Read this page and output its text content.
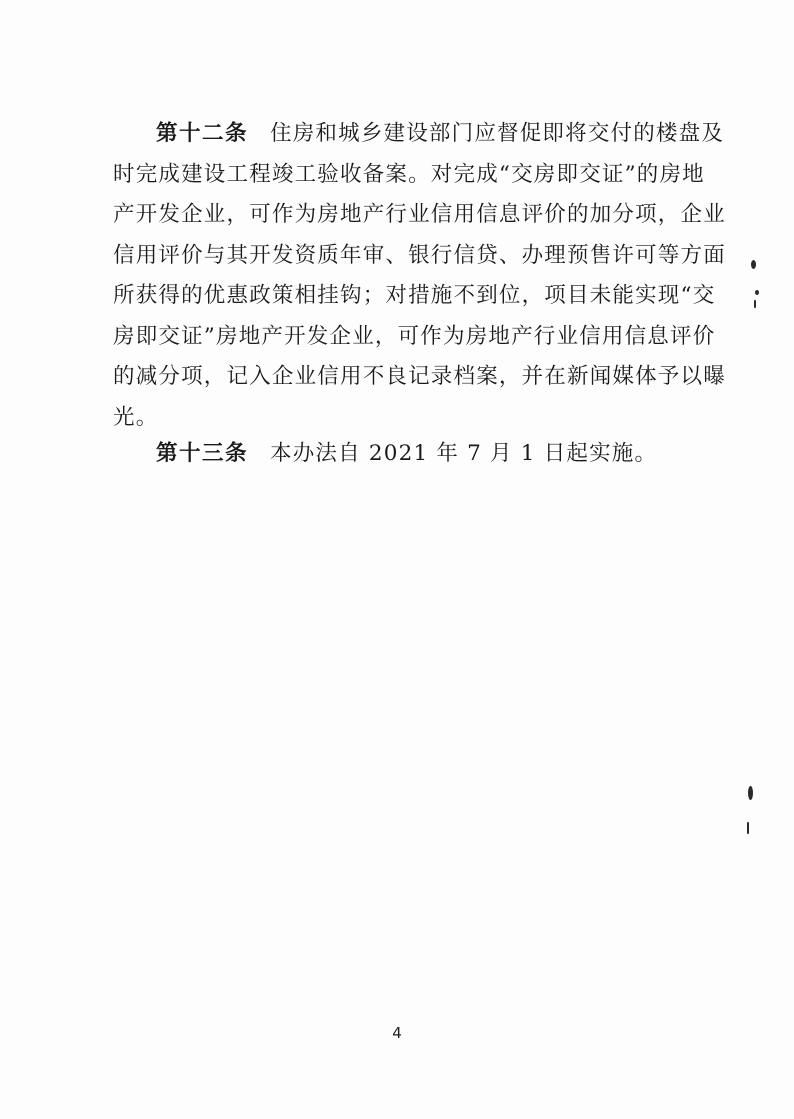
第十二条 住房和城乡建设部门应督促即将交付的楼盘及
时完成建设工程竣工验收备案。对完成“交房即交证”的房地
产开发企业，可作为房地产行业信用信息评价的加分项，企业
信用评价与其开发资质年审、银行信贷、办理预售许可等方面
所获得的优惠政策相挂钩；对措施不到位，项目未能实现“交
房即交证”房地产开发企业，可作为房地产行业信用信息评价
的减分项，记入企业信用不良记录档案，并在新闻媒体予以曝
光。
第十三条 本办法自 2021 年 7 月 1 日起实施。
4
